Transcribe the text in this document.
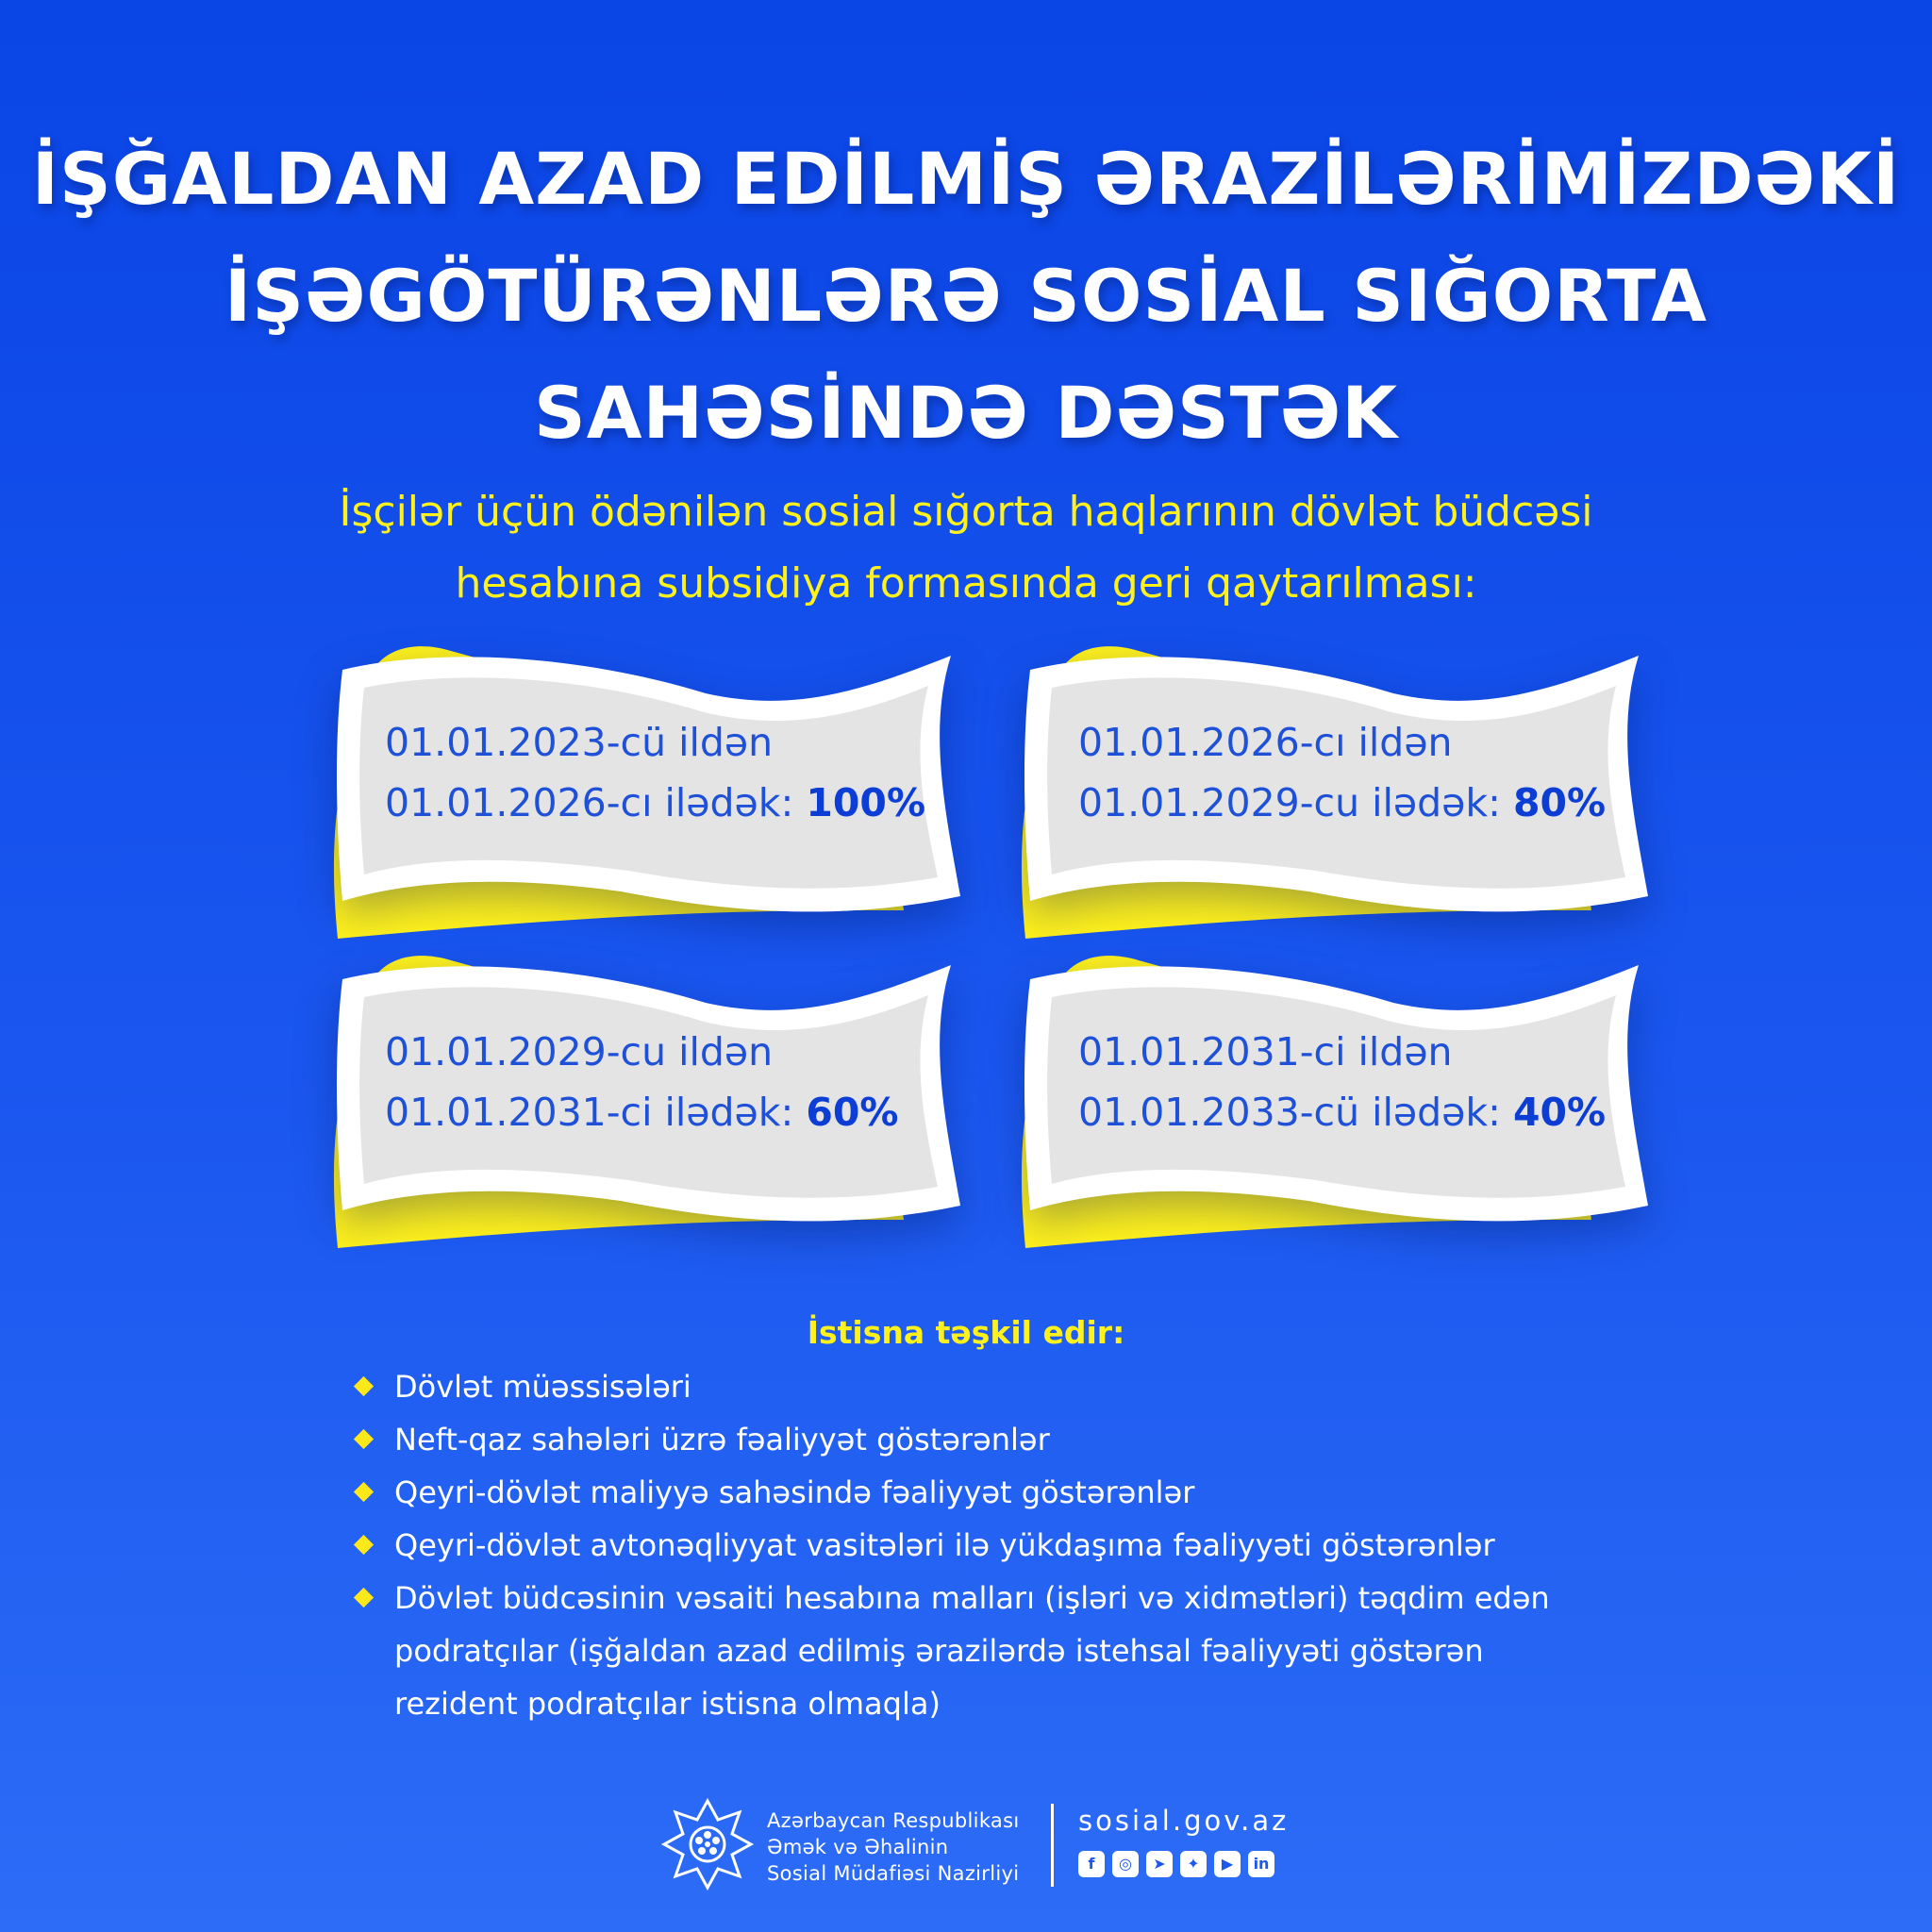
İŞĞALDAN AZAD EDİLMİŞ ƏRAZİLƏRİMİZDƏKİ
İŞƏGÖTÜRƏNLƏRƏ SOSİAL SIĞORTA
SAHƏSİNDƏ DƏSTƏK

İşçilər üçün ödənilən sosial sığorta haqlarının dövlət büdcəsi
hesabına subsidiya formasında geri qaytarılması:

01.01.2023-cü ildən
01.01.2026-cı ilədək: 100%
01.01.2026-cı ildən
01.01.2029-cu ilədək: 80%
01.01.2029-cu ildən
01.01.2031-ci ilədək: 60%
01.01.2031-ci ildən
01.01.2033-cü ilədək: 40%
İstisna təşkil edir:
Dövlət müəssisələri
Neft-qaz sahələri üzrə fəaliyyət göstərənlər
Qeyri-dövlət maliyyə sahəsində fəaliyyət göstərənlər
Qeyri-dövlət avtonəqliyyat vasitələri ilə yükdaşıma fəaliyyəti göstərənlər
Dövlət büdcəsinin vəsaiti hesabına malları (işləri və xidmətləri) təqdim edən podratçılar (işğaldan azad edilmiş ərazilərdə istehsal fəaliyyəti göstərən rezident podratçılar istisna olmaqla)
Azərbaycan Respublikası
Əmək və Əhalinin
Sosial Müdafiəsi Nazirliyi
sosial.gov.az
f	◎	➤	✦	▶	in
